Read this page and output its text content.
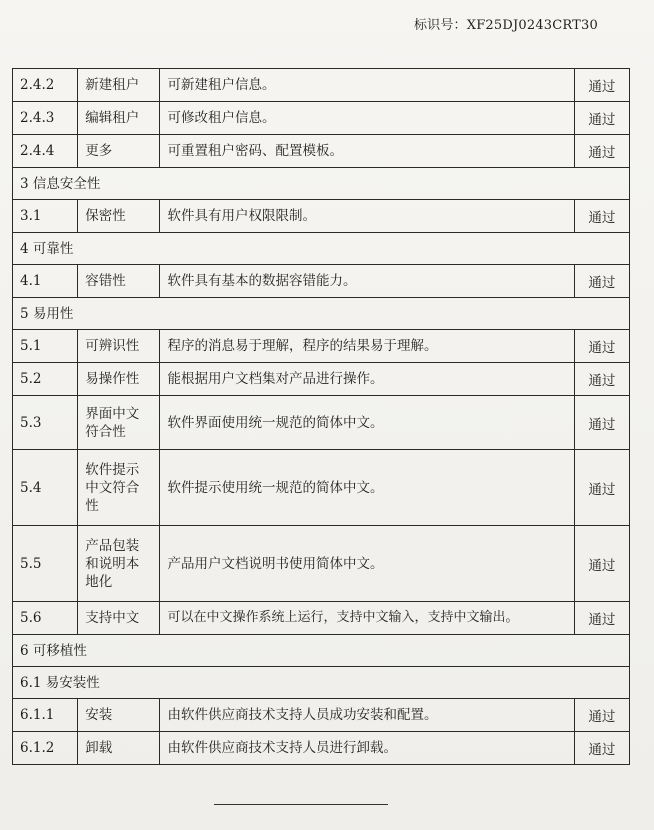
标识号：XF25DJ0243CRT30
2.4.2	新建租户	可新建租户信息。	通过

2.4.3	编辑租户	可修改租户信息。	通过

2.4.4	更多	可重置租户密码、配置模板。	通过

3 信息安全性			
3.1	保密性	软件具有用户权限限制。	通过

4 可靠性			
4.1	容错性	软件具有基本的数据容错能力。	通过

5 易用性			
5.1	可辨识性	程序的消息易于理解，程序的结果易于理解。	通过

5.2	易操作性	能根据用户文档集对产品进行操作。	通过

5.3	界面中文符合性	软件界面使用统一规范的简体中文。	通过

5.4	软件提示中文符合性	软件提示使用统一规范的简体中文。	通过

5.5	产品包装和说明本地化	产品用户文档说明书使用简体中文。	通过

5.6	支持中文	可以在中文操作系统上运行，支持中文输入，支持中文输出。	通过

6 可移植性			
6.1 易安装性			
6.1.1	安装	由软件供应商技术支持人员成功安装和配置。	通过

6.1.2	卸载	由软件供应商技术支持人员进行卸载。	通过
